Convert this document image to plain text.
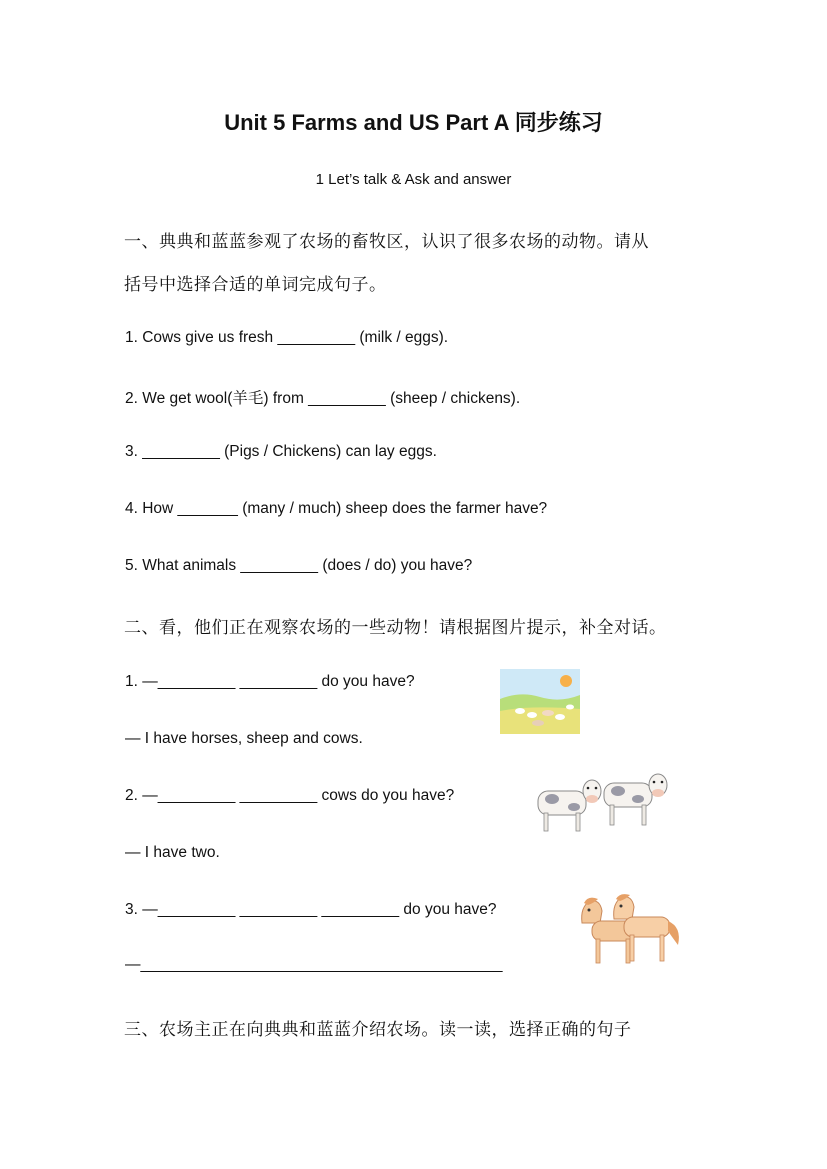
Unit 5 Farms and US Part A 同步练习
1 Let’s talk & Ask and answer
一、典典和蓝蓝参观了农场的畜牧区，认识了很多农场的动物。请从
括号中选择合适的单词完成句子。
1. Cows give us fresh _________ (milk / eggs).
2. We get wool(羊毛) from _________ (sheep / chickens).
3. _________ (Pigs / Chickens) can lay eggs.
4. How _______ (many / much) sheep does the farmer have?
5. What animals _________ (does / do) you have?
二、看，他们正在观察农场的一些动物！请根据图片提示，补全对话。
1. —_________ _________ do you have?
— I have horses, sheep and cows.
2. —_________ _________ cows do you have?
— I have two.
3. —_________ _________ _________ do you have?
—__________________________________________
三、农场主正在向典典和蓝蓝介绍农场。读一读，选择正确的句子
